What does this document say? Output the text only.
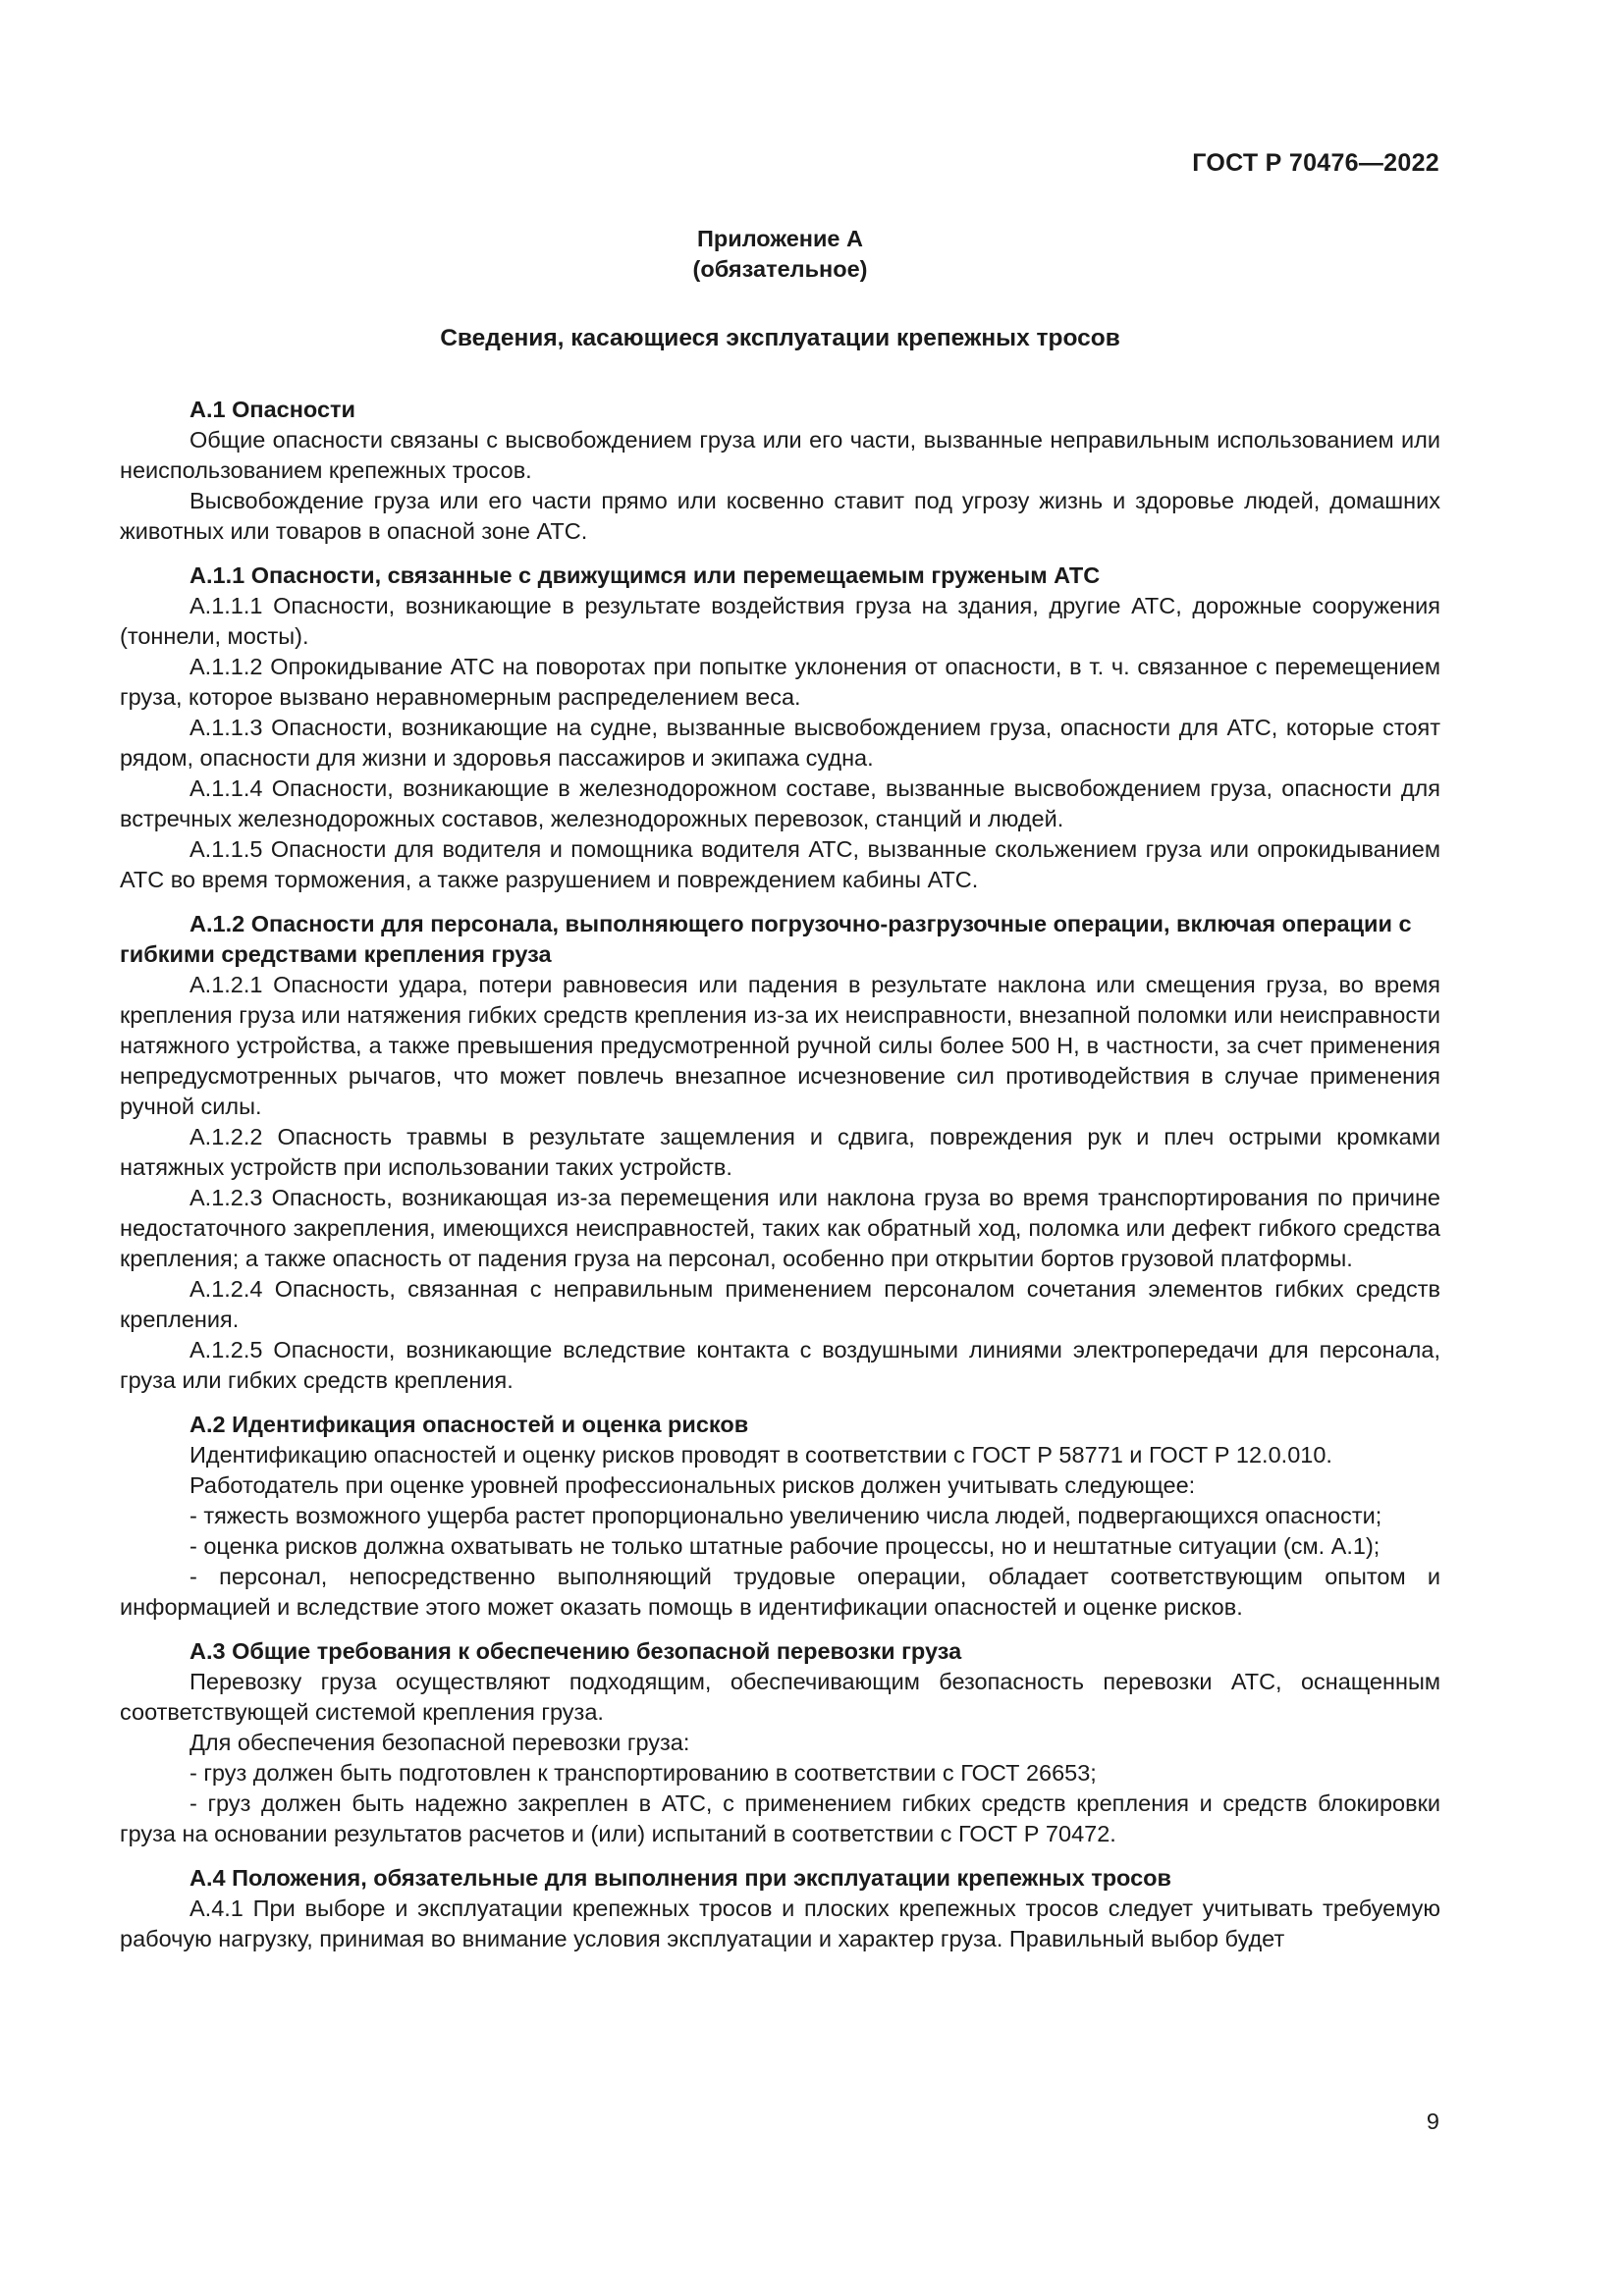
ГОСТ Р 70476—2022
Приложение А
(обязательное)
Сведения, касающиеся эксплуатации крепежных тросов
А.1 Опасности

Общие опасности связаны с высвобождением груза или его части, вызванные неправильным использованием или неиспользованием крепежных тросов.

Высвобождение груза или его части прямо или косвенно ставит под угрозу жизнь и здоровье людей, домашних животных или товаров в опасной зоне АТС.

А.1.1 Опасности, связанные с движущимся или перемещаемым груженым АТС

А.1.1.1 Опасности, возникающие в результате воздействия груза на здания, другие АТС, дорожные сооружения (тоннели, мосты).

А.1.1.2 Опрокидывание АТС на поворотах при попытке уклонения от опасности, в т. ч. связанное с перемещением груза, которое вызвано неравномерным распределением веса.

А.1.1.3 Опасности, возникающие на судне, вызванные высвобождением груза, опасности для АТС, которые стоят рядом, опасности для жизни и здоровья пассажиров и экипажа судна.

А.1.1.4 Опасности, возникающие в железнодорожном составе, вызванные высвобождением груза, опасности для встречных железнодорожных составов, железнодорожных перевозок, станций и людей.

А.1.1.5 Опасности для водителя и помощника водителя АТС, вызванные скольжением груза или опрокидыванием АТС во время торможения, а также разрушением и повреждением кабины АТС.

А.1.2 Опасности для персонала, выполняющего погрузочно-разгрузочные операции, включая операции с гибкими средствами крепления груза

А.1.2.1 Опасности удара, потери равновесия или падения в результате наклона или смещения груза, во время крепления груза или натяжения гибких средств крепления из-за их неисправности, внезапной поломки или неисправности натяжного устройства, а также превышения предусмотренной ручной силы более 500 Н, в частности, за счет применения непредусмотренных рычагов, что может повлечь внезапное исчезновение сил противодействия в случае применения ручной силы.

А.1.2.2 Опасность травмы в результате защемления и сдвига, повреждения рук и плеч острыми кромками натяжных устройств при использовании таких устройств.

А.1.2.3 Опасность, возникающая из-за перемещения или наклона груза во время транспортирования по причине недостаточного закрепления, имеющихся неисправностей, таких как обратный ход, поломка или дефект гибкого средства крепления; а также опасность от падения груза на персонал, особенно при открытии бортов грузовой платформы.

А.1.2.4 Опасность, связанная с неправильным применением персоналом сочетания элементов гибких средств крепления.

А.1.2.5 Опасности, возникающие вследствие контакта с воздушными линиями электропередачи для персонала, груза или гибких средств крепления.

А.2 Идентификация опасностей и оценка рисков

Идентификацию опасностей и оценку рисков проводят в соответствии с ГОСТ Р 58771 и ГОСТ Р 12.0.010.

Работодатель при оценке уровней профессиональных рисков должен учитывать следующее:

- тяжесть возможного ущерба растет пропорционально увеличению числа людей, подвергающихся опасности;

- оценка рисков должна охватывать не только штатные рабочие процессы, но и нештатные ситуации (см. А.1);

- персонал, непосредственно выполняющий трудовые операции, обладает соответствующим опытом и информацией и вследствие этого может оказать помощь в идентификации опасностей и оценке рисков.

А.3 Общие требования к обеспечению безопасной перевозки груза

Перевозку груза осуществляют подходящим, обеспечивающим безопасность перевозки АТС, оснащенным соответствующей системой крепления груза.

Для обеспечения безопасной перевозки груза:

- груз должен быть подготовлен к транспортированию в соответствии с ГОСТ 26653;

- груз должен быть надежно закреплен в АТС, с применением гибких средств крепления и средств блокировки груза на основании результатов расчетов и (или) испытаний в соответствии с ГОСТ Р 70472.

А.4 Положения, обязательные для выполнения при эксплуатации крепежных тросов

А.4.1 При выборе и эксплуатации крепежных тросов и плоских крепежных тросов следует учитывать требуемую рабочую нагрузку, принимая во внимание условия эксплуатации и характер груза. Правильный выбор будет

9
